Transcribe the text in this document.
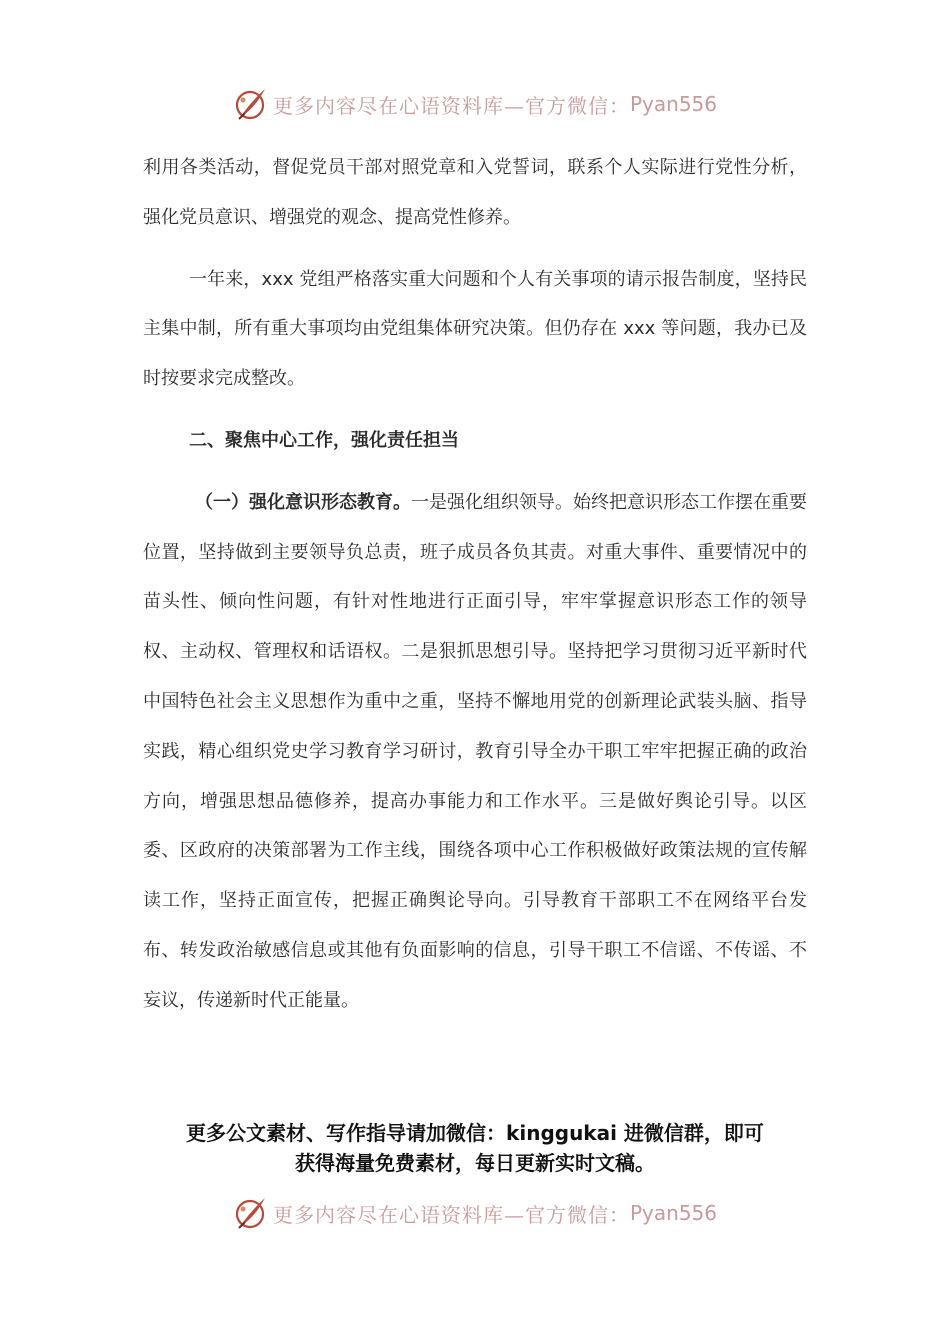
更多内容尽在心语资料库—官方微信： Pyan556

利用各类活动，督促党员干部对照党章和入党誓词，联系个人实际进行党性分析，强化党员意识、增强党的观念、提高党性修养。

一年来，xxx 党组严格落实重大问题和个人有关事项的请示报告制度，坚持民主集中制，所有重大事项均由党组集体研究决策。但仍存在 xxx 等问题，我办已及时按要求完成整改。

二、聚焦中心工作，强化责任担当

（一）强化意识形态教育。一是强化组织领导。始终把意识形态工作摆在重要位置，坚持做到主要领导负总责，班子成员各负其责。对重大事件、重要情况中的苗头性、倾向性问题，有针对性地进行正面引导，牢牢掌握意识形态工作的领导权、主动权、管理权和话语权。二是狠抓思想引导。坚持把学习贯彻习近平新时代中国特色社会主义思想作为重中之重，坚持不懈地用党的创新理论武装头脑、指导实践，精心组织党史学习教育学习研讨，教育引导全办干职工牢牢把握正确的政治方向，增强思想品德修养，提高办事能力和工作水平。三是做好舆论引导。以区委、区政府的决策部署为工作主线，围绕各项中心工作积极做好政策法规的宣传解读工作，坚持正面宣传，把握正确舆论导向。引导教育干部职工不在网络平台发布、转发政治敏感信息或其他有负面影响的信息，引导干职工不信谣、不传谣、不妄议，传递新时代正能量。

更多公文素材、写作指导请加微信：kinggukai 进微信群，即可
获得海量免费素材，每日更新实时文稿。
更多内容尽在心语资料库—官方微信： Pyan556
